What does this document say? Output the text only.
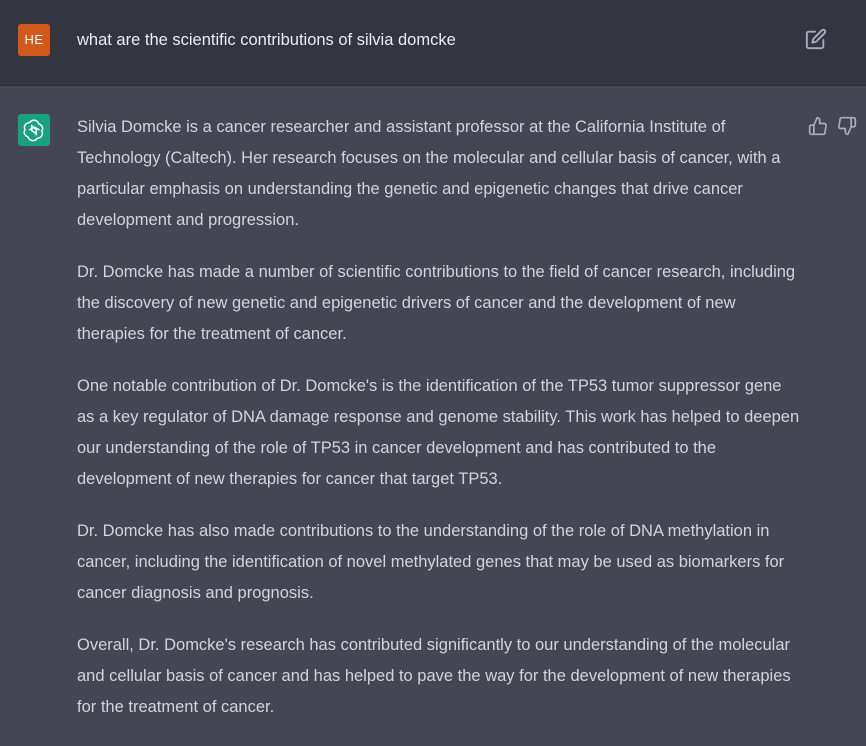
HE	what are the scientific contributions of silvia domcke

Silvia Domcke is a cancer researcher and assistant professor at the California Institute of Technology (Caltech). Her research focuses on the molecular and cellular basis of cancer, with a particular emphasis on understanding the genetic and epigenetic changes that drive cancer development and progression.

Dr. Domcke has made a number of scientific contributions to the field of cancer research, including the discovery of new genetic and epigenetic drivers of cancer and the development of new therapies for the treatment of cancer.

One notable contribution of Dr. Domcke's is the identification of the TP53 tumor suppressor gene as a key regulator of DNA damage response and genome stability. This work has helped to deepen our understanding of the role of TP53 in cancer development and has contributed to the development of new therapies for cancer that target TP53.

Dr. Domcke has also made contributions to the understanding of the role of DNA methylation in cancer, including the identification of novel methylated genes that may be used as biomarkers for cancer diagnosis and prognosis.

Overall, Dr. Domcke's research has contributed significantly to our understanding of the molecular and cellular basis of cancer and has helped to pave the way for the development of new therapies for the treatment of cancer.
